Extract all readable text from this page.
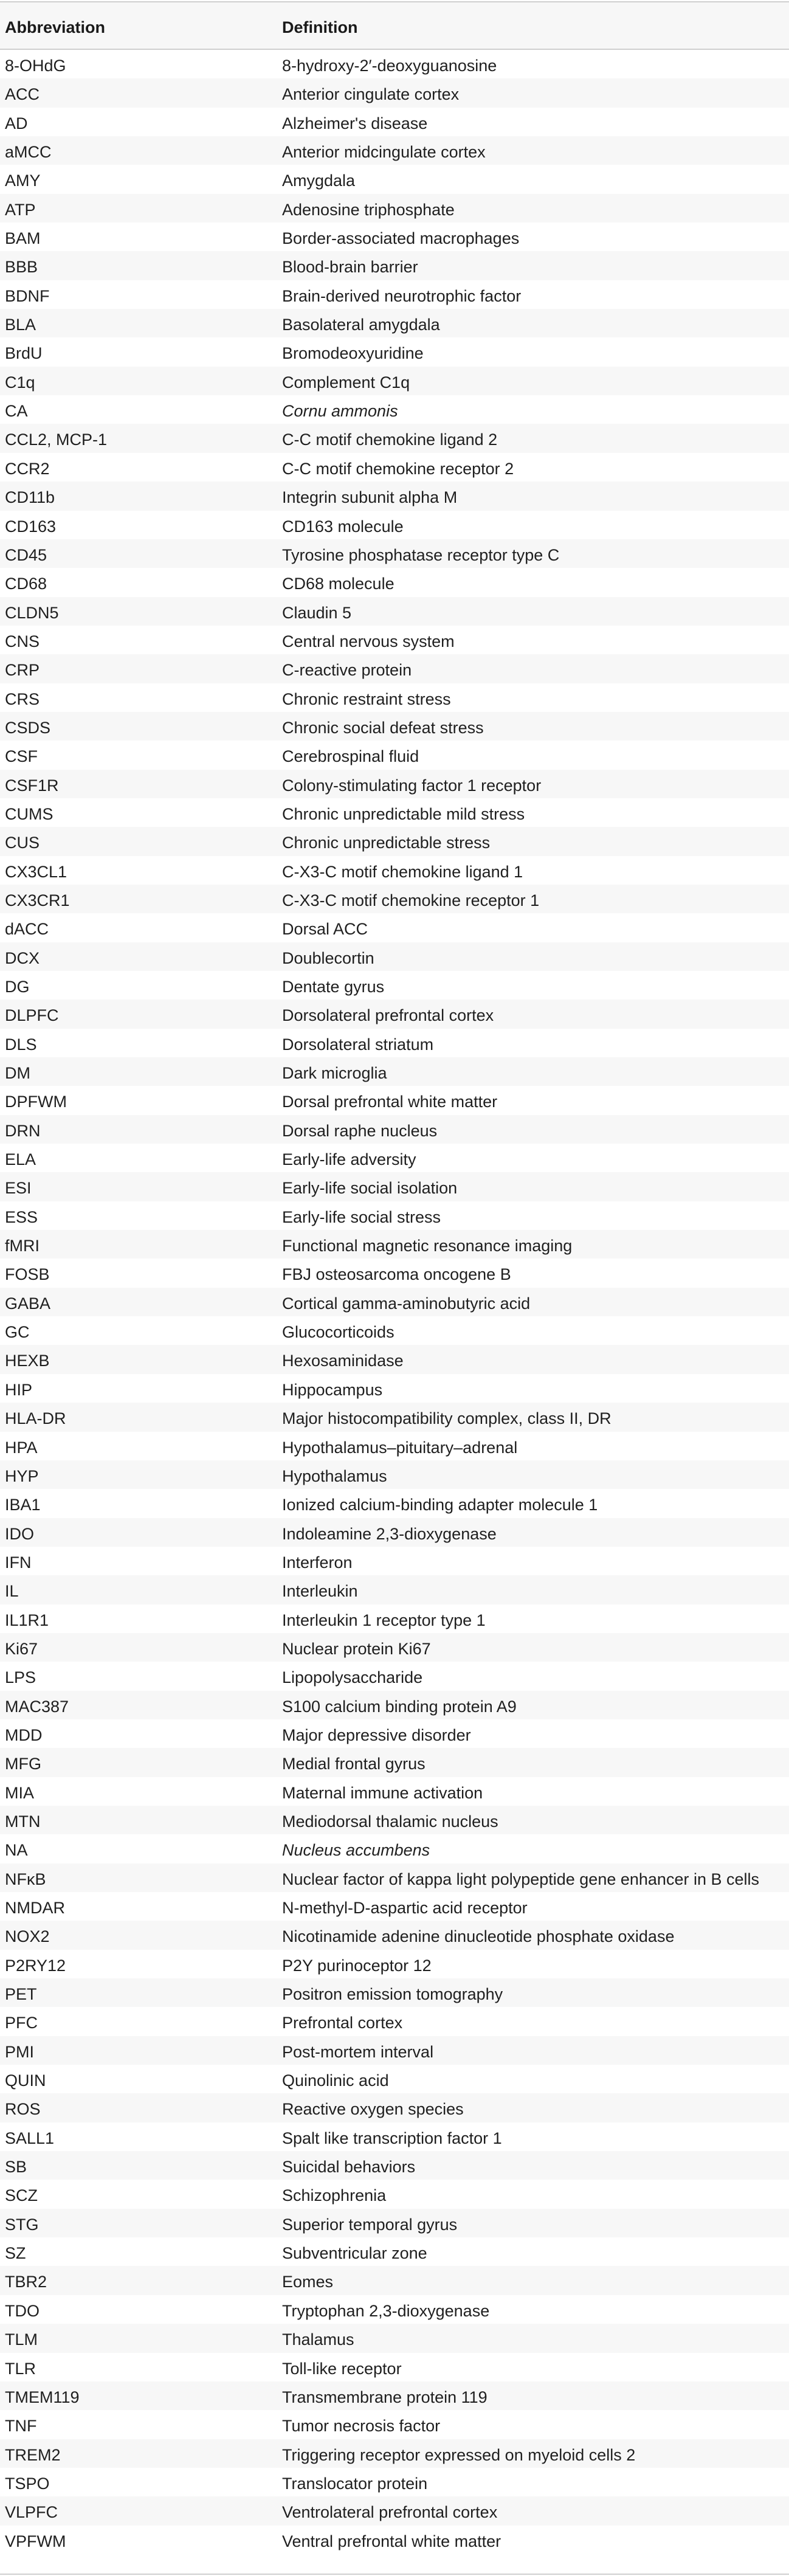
Abbreviation	Definition
8-OHdG	8-hydroxy-2′-deoxyguanosine
ACC	Anterior cingulate cortex
AD	Alzheimer's disease
aMCC	Anterior midcingulate cortex
AMY	Amygdala
ATP	Adenosine triphosphate
BAM	Border-associated macrophages
BBB	Blood-brain barrier
BDNF	Brain-derived neurotrophic factor
BLA	Basolateral amygdala
BrdU	Bromodeoxyuridine
C1q	Complement C1q
CA	Cornu ammonis
CCL2, MCP-1	C-C motif chemokine ligand 2
CCR2	C-C motif chemokine receptor 2
CD11b	Integrin subunit alpha M
CD163	CD163 molecule
CD45	Tyrosine phosphatase receptor type C
CD68	CD68 molecule
CLDN5	Claudin 5
CNS	Central nervous system
CRP	C-reactive protein
CRS	Chronic restraint stress
CSDS	Chronic social defeat stress
CSF	Cerebrospinal fluid
CSF1R	Colony-stimulating factor 1 receptor
CUMS	Chronic unpredictable mild stress
CUS	Chronic unpredictable stress
CX3CL1	C-X3-C motif chemokine ligand 1
CX3CR1	C-X3-C motif chemokine receptor 1
dACC	Dorsal ACC
DCX	Doublecortin
DG	Dentate gyrus
DLPFC	Dorsolateral prefrontal cortex
DLS	Dorsolateral striatum
DM	Dark microglia
DPFWM	Dorsal prefrontal white matter
DRN	Dorsal raphe nucleus
ELA	Early-life adversity
ESI	Early-life social isolation
ESS	Early-life social stress
fMRI	Functional magnetic resonance imaging
FOSB	FBJ osteosarcoma oncogene B
GABA	Cortical gamma-aminobutyric acid
GC	Glucocorticoids
HEXB	Hexosaminidase
HIP	Hippocampus
HLA-DR	Major histocompatibility complex, class II, DR
HPA	Hypothalamus–pituitary–adrenal
HYP	Hypothalamus
IBA1	Ionized calcium-binding adapter molecule 1
IDO	Indoleamine 2,3-dioxygenase
IFN	Interferon
IL	Interleukin
IL1R1	Interleukin 1 receptor type 1
Ki67	Nuclear protein Ki67
LPS	Lipopolysaccharide
MAC387	S100 calcium binding protein A9
MDD	Major depressive disorder
MFG	Medial frontal gyrus
MIA	Maternal immune activation
MTN	Mediodorsal thalamic nucleus
NA	Nucleus accumbens
NFκB	Nuclear factor of kappa light polypeptide gene enhancer in B cells
NMDAR	N-methyl-D-aspartic acid receptor
NOX2	Nicotinamide adenine dinucleotide phosphate oxidase
P2RY12	P2Y purinoceptor 12
PET	Positron emission tomography
PFC	Prefrontal cortex
PMI	Post-mortem interval
QUIN	Quinolinic acid
ROS	Reactive oxygen species
SALL1	Spalt like transcription factor 1
SB	Suicidal behaviors
SCZ	Schizophrenia
STG	Superior temporal gyrus
SZ	Subventricular zone
TBR2	Eomes
TDO	Tryptophan 2,3-dioxygenase
TLM	Thalamus
TLR	Toll-like receptor
TMEM119	Transmembrane protein 119
TNF	Tumor necrosis factor
TREM2	Triggering receptor expressed on myeloid cells 2
TSPO	Translocator protein
VLPFC	Ventrolateral prefrontal cortex
VPFWM	Ventral prefrontal white matter
